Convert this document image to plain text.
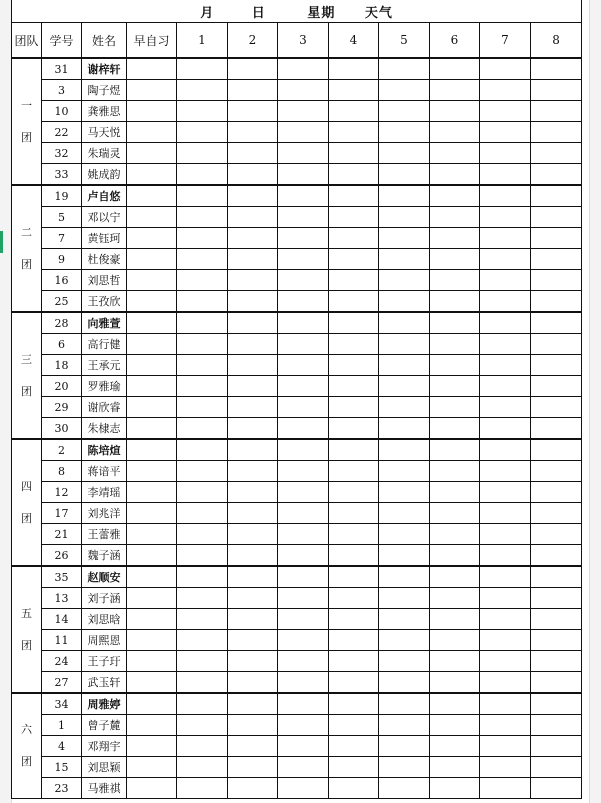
月 日 星期 天气											
团队	学号	姓名	早自习	1	2	3	4	5	6	7	8

一
团	31	谢梓轩									
	3	陶子煜									
	10	龚雅思									
	22	马天悦									
	32	朱瑞灵									
	33	姚成韵									

二
团	19	卢自悠									
	5	邓以宁									
	7	黄钰珂									
	9	杜俊豪									
	16	刘思哲									
	25	王孜欣									

三
团	28	向雅萱									
	6	高行健									
	18	王承元									
	20	罗雅瑜									
	29	谢欣睿									
	30	朱棣志									

四
团	2	陈培煊									
	8	蒋谙平									
	12	李靖瑶									
	17	刘兆洋									
	21	王蕾雅									
	26	魏子涵									

五
团	35	赵顺安									
	13	刘子涵									
	14	刘思晗									
	11	周熙恩									
	24	王子玗									
	27	武玉轩									

六
团	34	周雅婷									
	1	曾子麓									
	4	邓翔宇									
	15	刘思颖									
	23	马雅祺									
